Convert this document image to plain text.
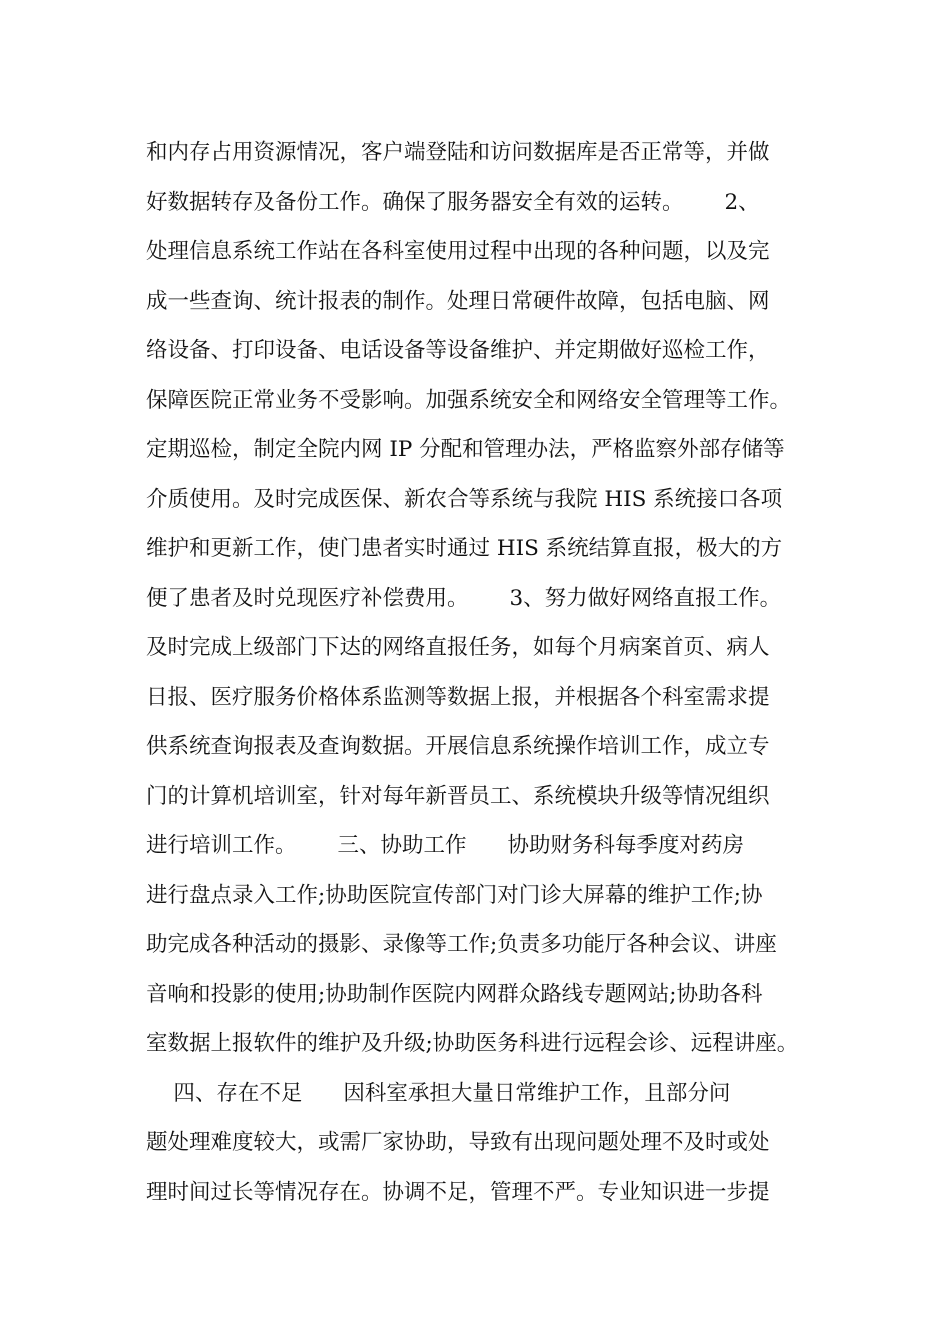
和内存占用资源情况，客户端登陆和访问数据库是否正常等，并做
好数据转存及备份工作。确保了服务器安全有效的运转。      2、
处理信息系统工作站在各科室使用过程中出现的各种问题，以及完
成一些查询、统计报表的制作。处理日常硬件故障，包括电脑、网
络设备、打印设备、电话设备等设备维护、并定期做好巡检工作，
保障医院正常业务不受影响。加强系统安全和网络安全管理等工作。
定期巡检，制定全院内网 IP 分配和管理办法，严格监察外部存储等
介质使用。及时完成医保、新农合等系统与我院 HIS 系统接口各项
维护和更新工作，使门患者实时通过 HIS 系统结算直报，极大的方
便了患者及时兑现医疗补偿费用。      3、努力做好网络直报工作。
及时完成上级部门下达的网络直报任务，如每个月病案首页、病人
日报、医疗服务价格体系监测等数据上报，并根据各个科室需求提
供系统查询报表及查询数据。开展信息系统操作培训工作，成立专
门的计算机培训室，针对每年新晋员工、系统模块升级等情况组织
进行培训工作。      三、协助工作      协助财务科每季度对药房
进行盘点录入工作;协助医院宣传部门对门诊大屏幕的维护工作;协
助完成各种活动的摄影、录像等工作;负责多功能厅各种会议、讲座
音响和投影的使用;协助制作医院内网群众路线专题网站;协助各科
室数据上报软件的维护及升级;协助医务科进行远程会诊、远程讲座。
四、存在不足      因科室承担大量日常维护工作，且部分问
题处理难度较大，或需厂家协助，导致有出现问题处理不及时或处
理时间过长等情况存在。协调不足，管理不严。专业知识进一步提
